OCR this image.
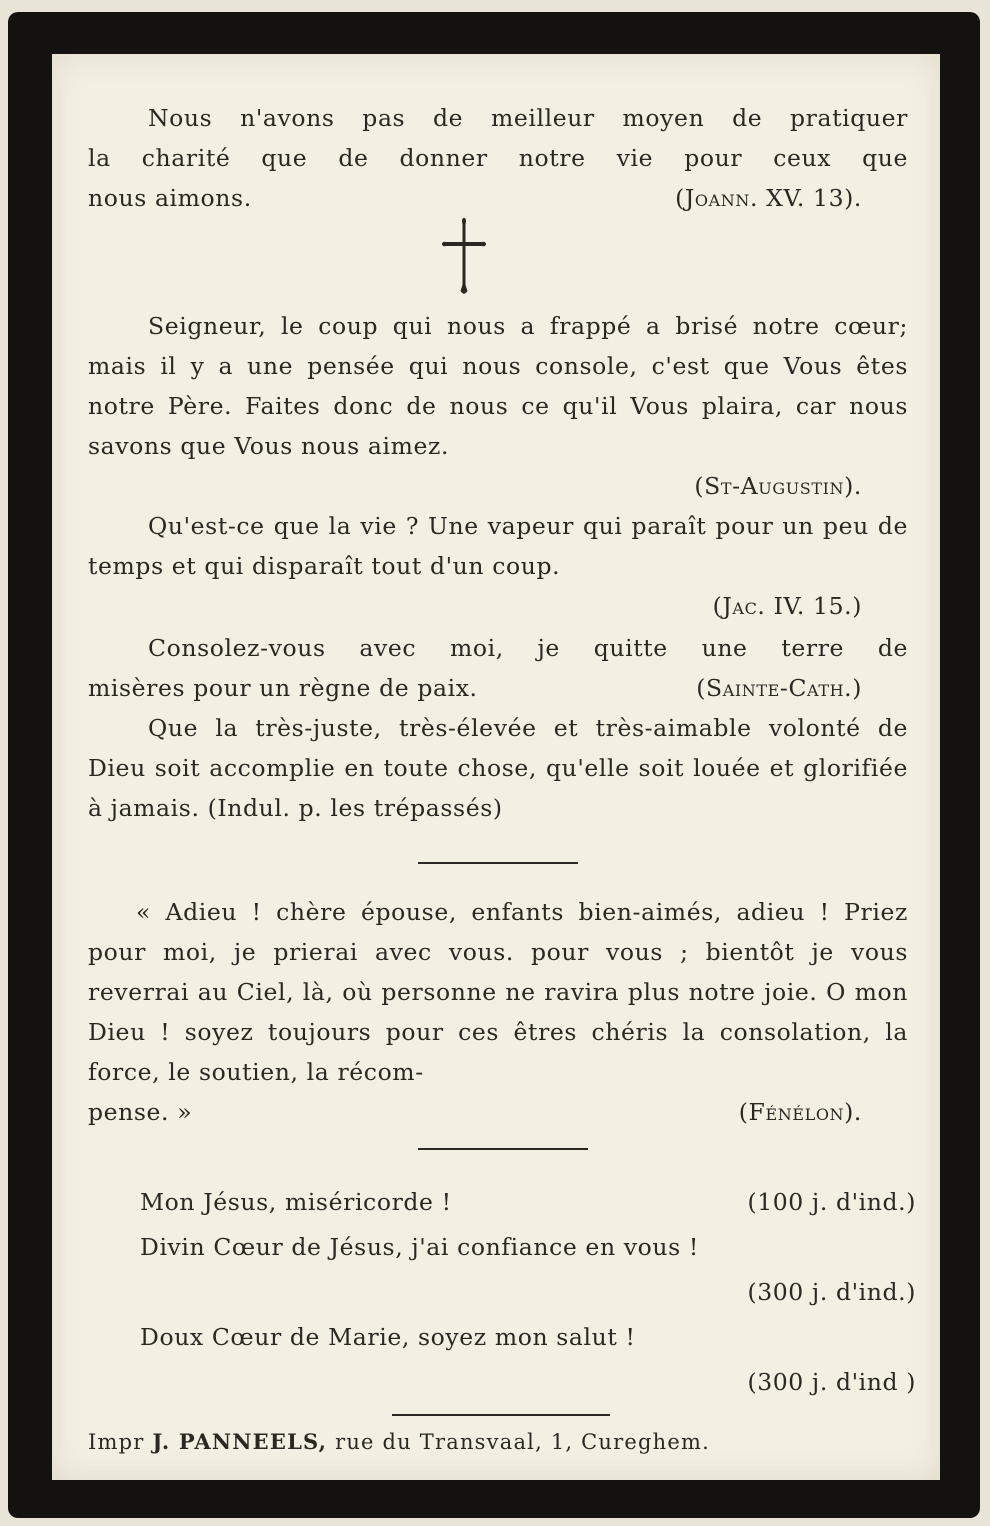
Nous n'avons pas de meilleur moyen de pratiquer

la charité que de donner notre vie pour ceux que

nous aimons.	(Joann. XV. 13).

Seigneur, le coup qui nous a frappé a brisé notre cœur; mais il y a une pensée qui nous console, c'est que Vous êtes notre Père. Faites donc de nous ce qu'il Vous plaira, car nous savons que Vous nous aimez.

(St-Augustin).

Qu'est-ce que la vie ? Une vapeur qui paraît pour un peu de temps et qui disparaît tout d'un coup.

(Jac. IV. 15.)

Consolez-vous avec moi, je quitte une terre de

misères pour un règne de paix.	(Sainte-Cath.)

Que la très-juste, très-élevée et très-aimable volonté de Dieu soit accomplie en toute chose, qu'elle soit louée et glorifiée à jamais. (Indul. p. les trépassés)

« Adieu ! chère épouse, enfants bien-aimés, adieu ! Priez pour moi, je prierai avec vous. pour vous ; bientôt je vous reverrai au Ciel, là, où personne ne ravira plus notre joie. O mon Dieu ! soyez toujours pour ces êtres chéris la consolation, la force, le soutien, la récom-

pense. »	(Fénélon).

Mon Jésus, miséricorde !	(100 j. d'ind.)
Divin Cœur de Jésus, j'ai confiance en vous !
(300 j. d'ind.)
Doux Cœur de Marie, soyez mon salut !
(300 j. d'ind )
Impr J. PANNEELS, rue du Transvaal, 1, Cureghem.
